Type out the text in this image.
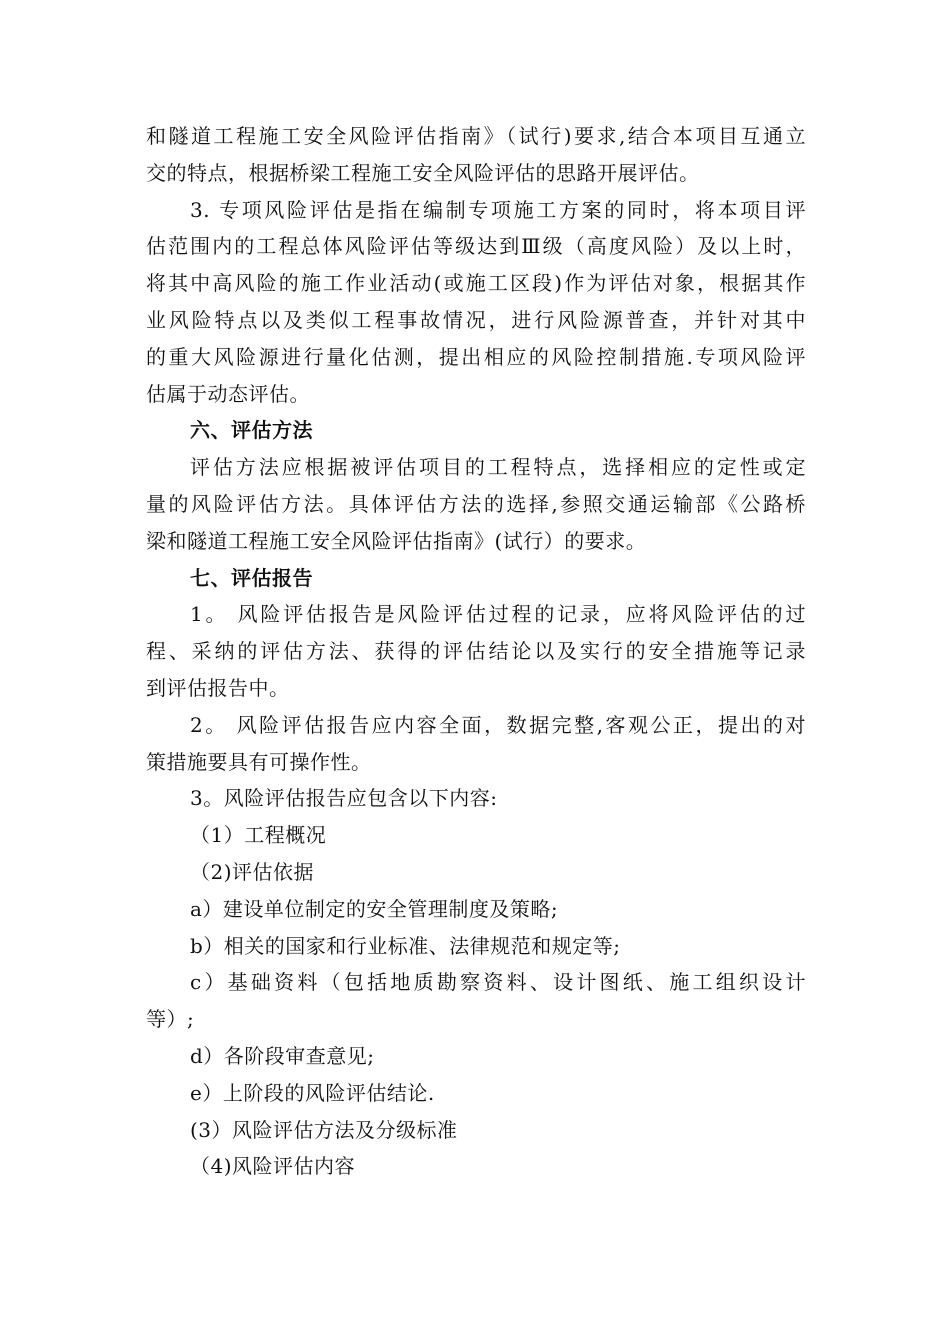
和隧道工程施工安全风险评估指南》（试行)要求,结合本项目互通立
交的特点，根据桥梁工程施工安全风险评估的思路开展评估。
3. 专项风险评估是指在编制专项施工方案的同时，将本项目评
估范围内的工程总体风险评估等级达到Ⅲ级（高度风险）及以上时，
将其中高风险的施工作业活动(或施工区段)作为评估对象，根据其作
业风险特点以及类似工程事故情况，进行风险源普查，并针对其中
的重大风险源进行量化估测，提出相应的风险控制措施.专项风险评
估属于动态评估。
六、评估方法
评估方法应根据被评估项目的工程特点，选择相应的定性或定
量的风险评估方法。具体评估方法的选择,参照交通运输部《公路桥
梁和隧道工程施工安全风险评估指南》(试行）的要求。
七、评估报告
1。 风险评估报告是风险评估过程的记录，应将风险评估的过
程、采纳的评估方法、获得的评估结论以及实行的安全措施等记录
到评估报告中。
2。 风险评估报告应内容全面，数据完整,客观公正，提出的对
策措施要具有可操作性。
3。风险评估报告应包含以下内容:
（1）工程概况
（2)评估依据
a）建设单位制定的安全管理制度及策略;
b）相关的国家和行业标准、法律规范和规定等;
c）基础资料（包括地质勘察资料、设计图纸、施工组织设计
等）;
d）各阶段审查意见;
e）上阶段的风险评估结论.
(3）风险评估方法及分级标准
（4)风险评估内容
